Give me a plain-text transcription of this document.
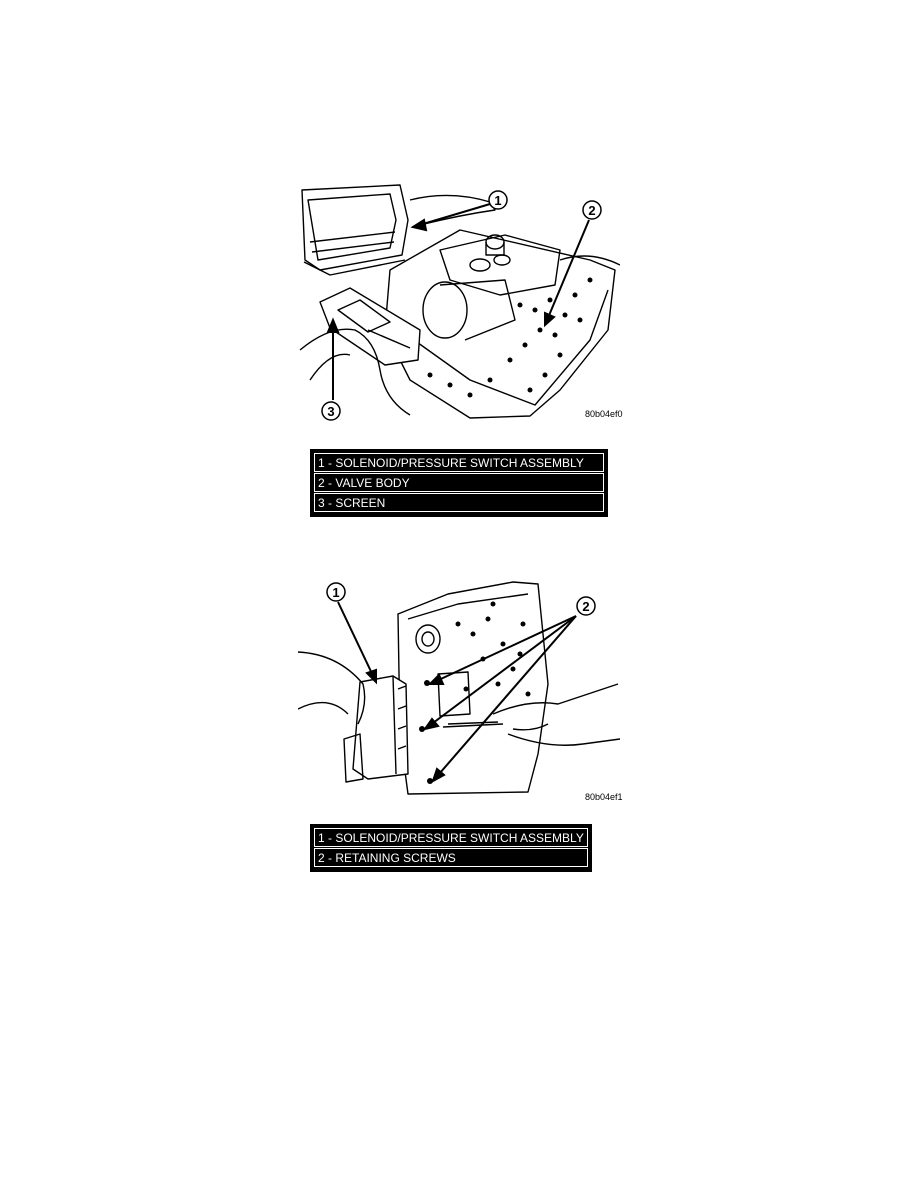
1
2
3	80b04ef0
1 - SOLENOID/PRESSURE SWITCH ASSEMBLY
2 - VALVE BODY
3 - SCREEN
1
2
80b04ef1
1 - SOLENOID/PRESSURE SWITCH ASSEMBLY
2 - RETAINING SCREWS
